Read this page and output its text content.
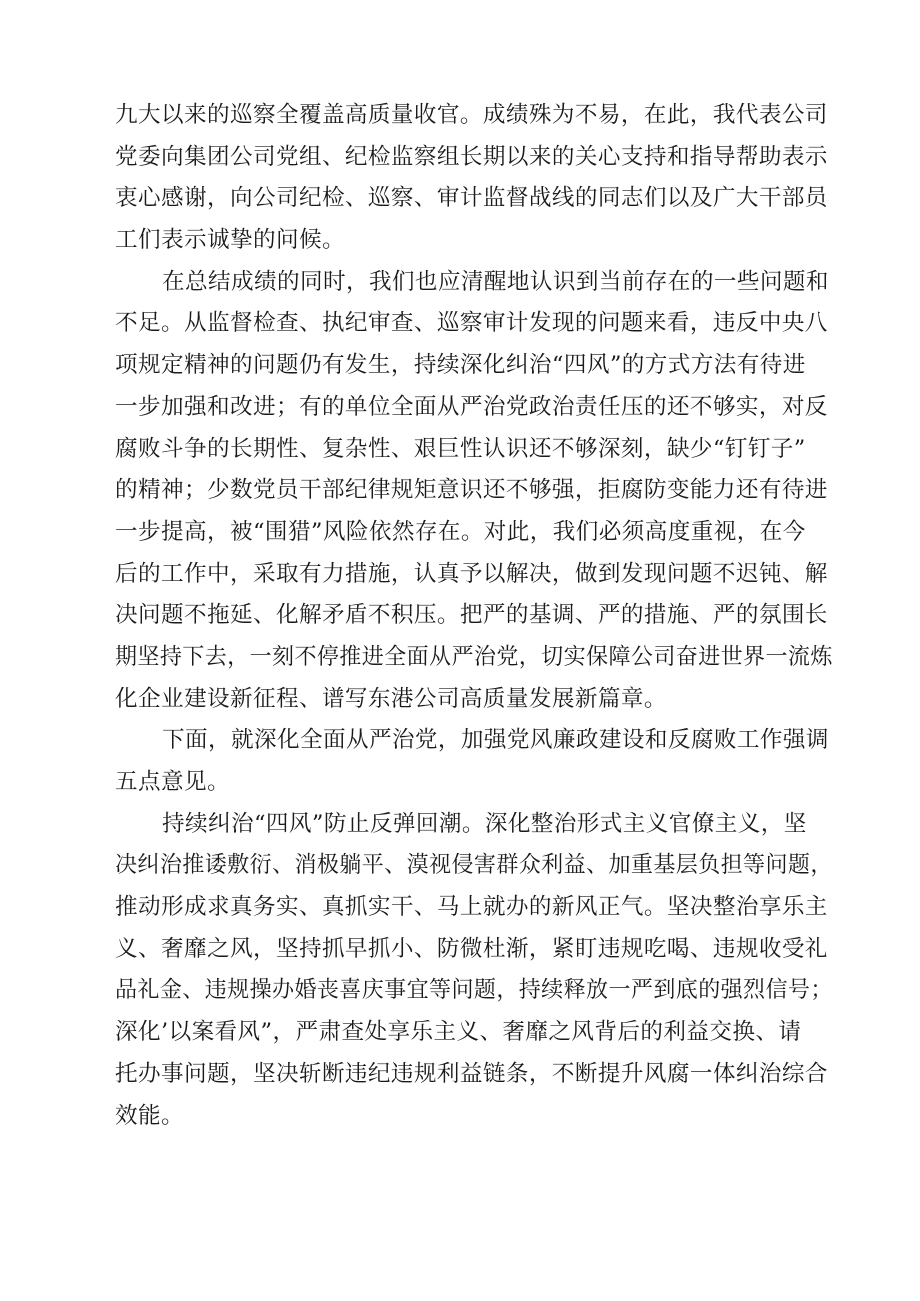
九大以来的巡察全覆盖高质量收官。成绩殊为不易，在此，我代表公司
党委向集团公司党组、纪检监察组长期以来的关心支持和指导帮助表示
衷心感谢，向公司纪检、巡察、审计监督战线的同志们以及广大干部员
工们表示诚挚的问候。
在总结成绩的同时，我们也应清醒地认识到当前存在的一些问题和
不足。从监督检查、执纪审查、巡察审计发现的问题来看，违反中央八
项规定精神的问题仍有发生，持续深化纠治“四风”的方式方法有待进
一步加强和改进；有的单位全面从严治党政治责任压的还不够实，对反
腐败斗争的长期性、复杂性、艰巨性认识还不够深刻，缺少“钉钉子”
的精神；少数党员干部纪律规矩意识还不够强，拒腐防变能力还有待进
一步提高，被“围猎”风险依然存在。对此，我们必须高度重视，在今
后的工作中，采取有力措施，认真予以解决，做到发现问题不迟钝、解
决问题不拖延、化解矛盾不积压。把严的基调、严的措施、严的氛围长
期坚持下去，一刻不停推进全面从严治党，切实保障公司奋进世界一流炼
化企业建设新征程、谱写东港公司高质量发展新篇章。
下面，就深化全面从严治党，加强党风廉政建设和反腐败工作强调
五点意见。
持续纠治“四风”防止反弹回潮。深化整治形式主义官僚主义，坚
决纠治推诿敷衍、消极躺平、漠视侵害群众利益、加重基层负担等问题，
推动形成求真务实、真抓实干、马上就办的新风正气。坚决整治享乐主
义、奢靡之风，坚持抓早抓小、防微杜渐，紧盯违规吃喝、违规收受礼
品礼金、违规操办婚丧喜庆事宜等问题，持续释放一严到底的强烈信号；
深化’以案看风”，严肃查处享乐主义、奢靡之风背后的利益交换、请
托办事问题，坚决斩断违纪违规利益链条，不断提升风腐一体纠治综合
效能。
